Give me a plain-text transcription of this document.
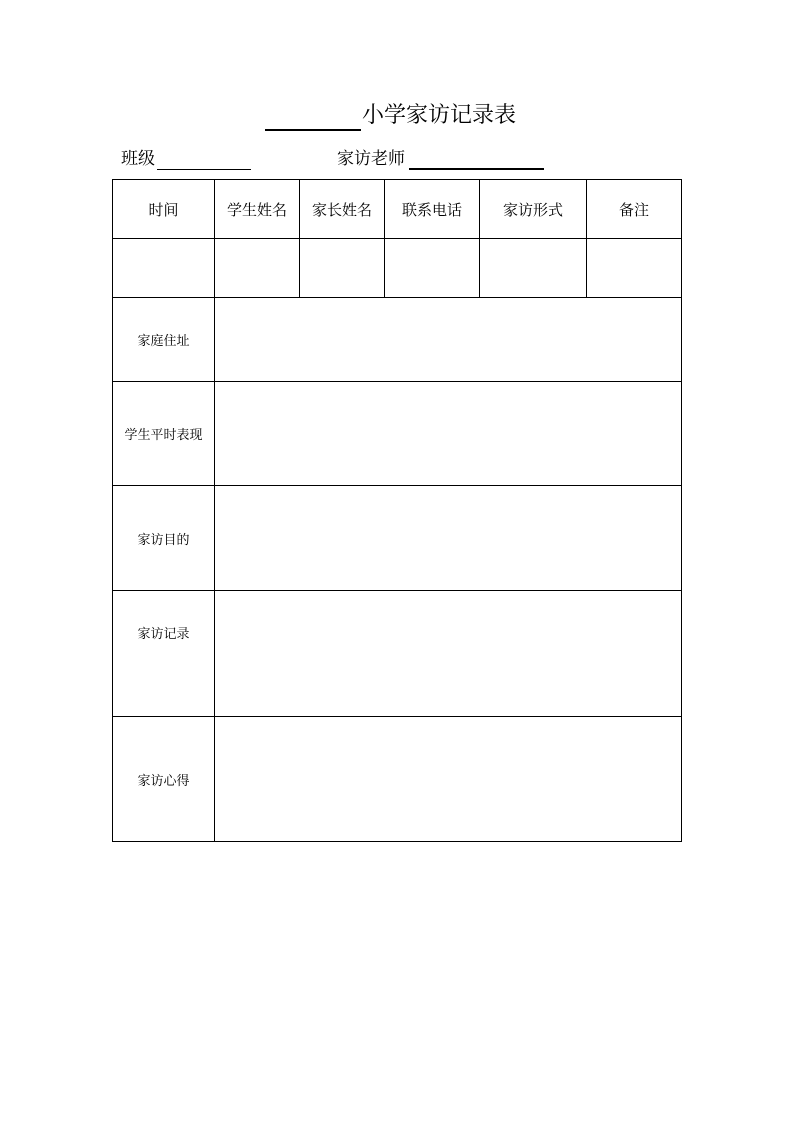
小学家访记录表
班级	家访老师
时间	学生姓名	家长姓名	联系电话	家访形式	备注

家庭住址					
学生平时表现					
家访目的					
家访记录					
家访心得					
